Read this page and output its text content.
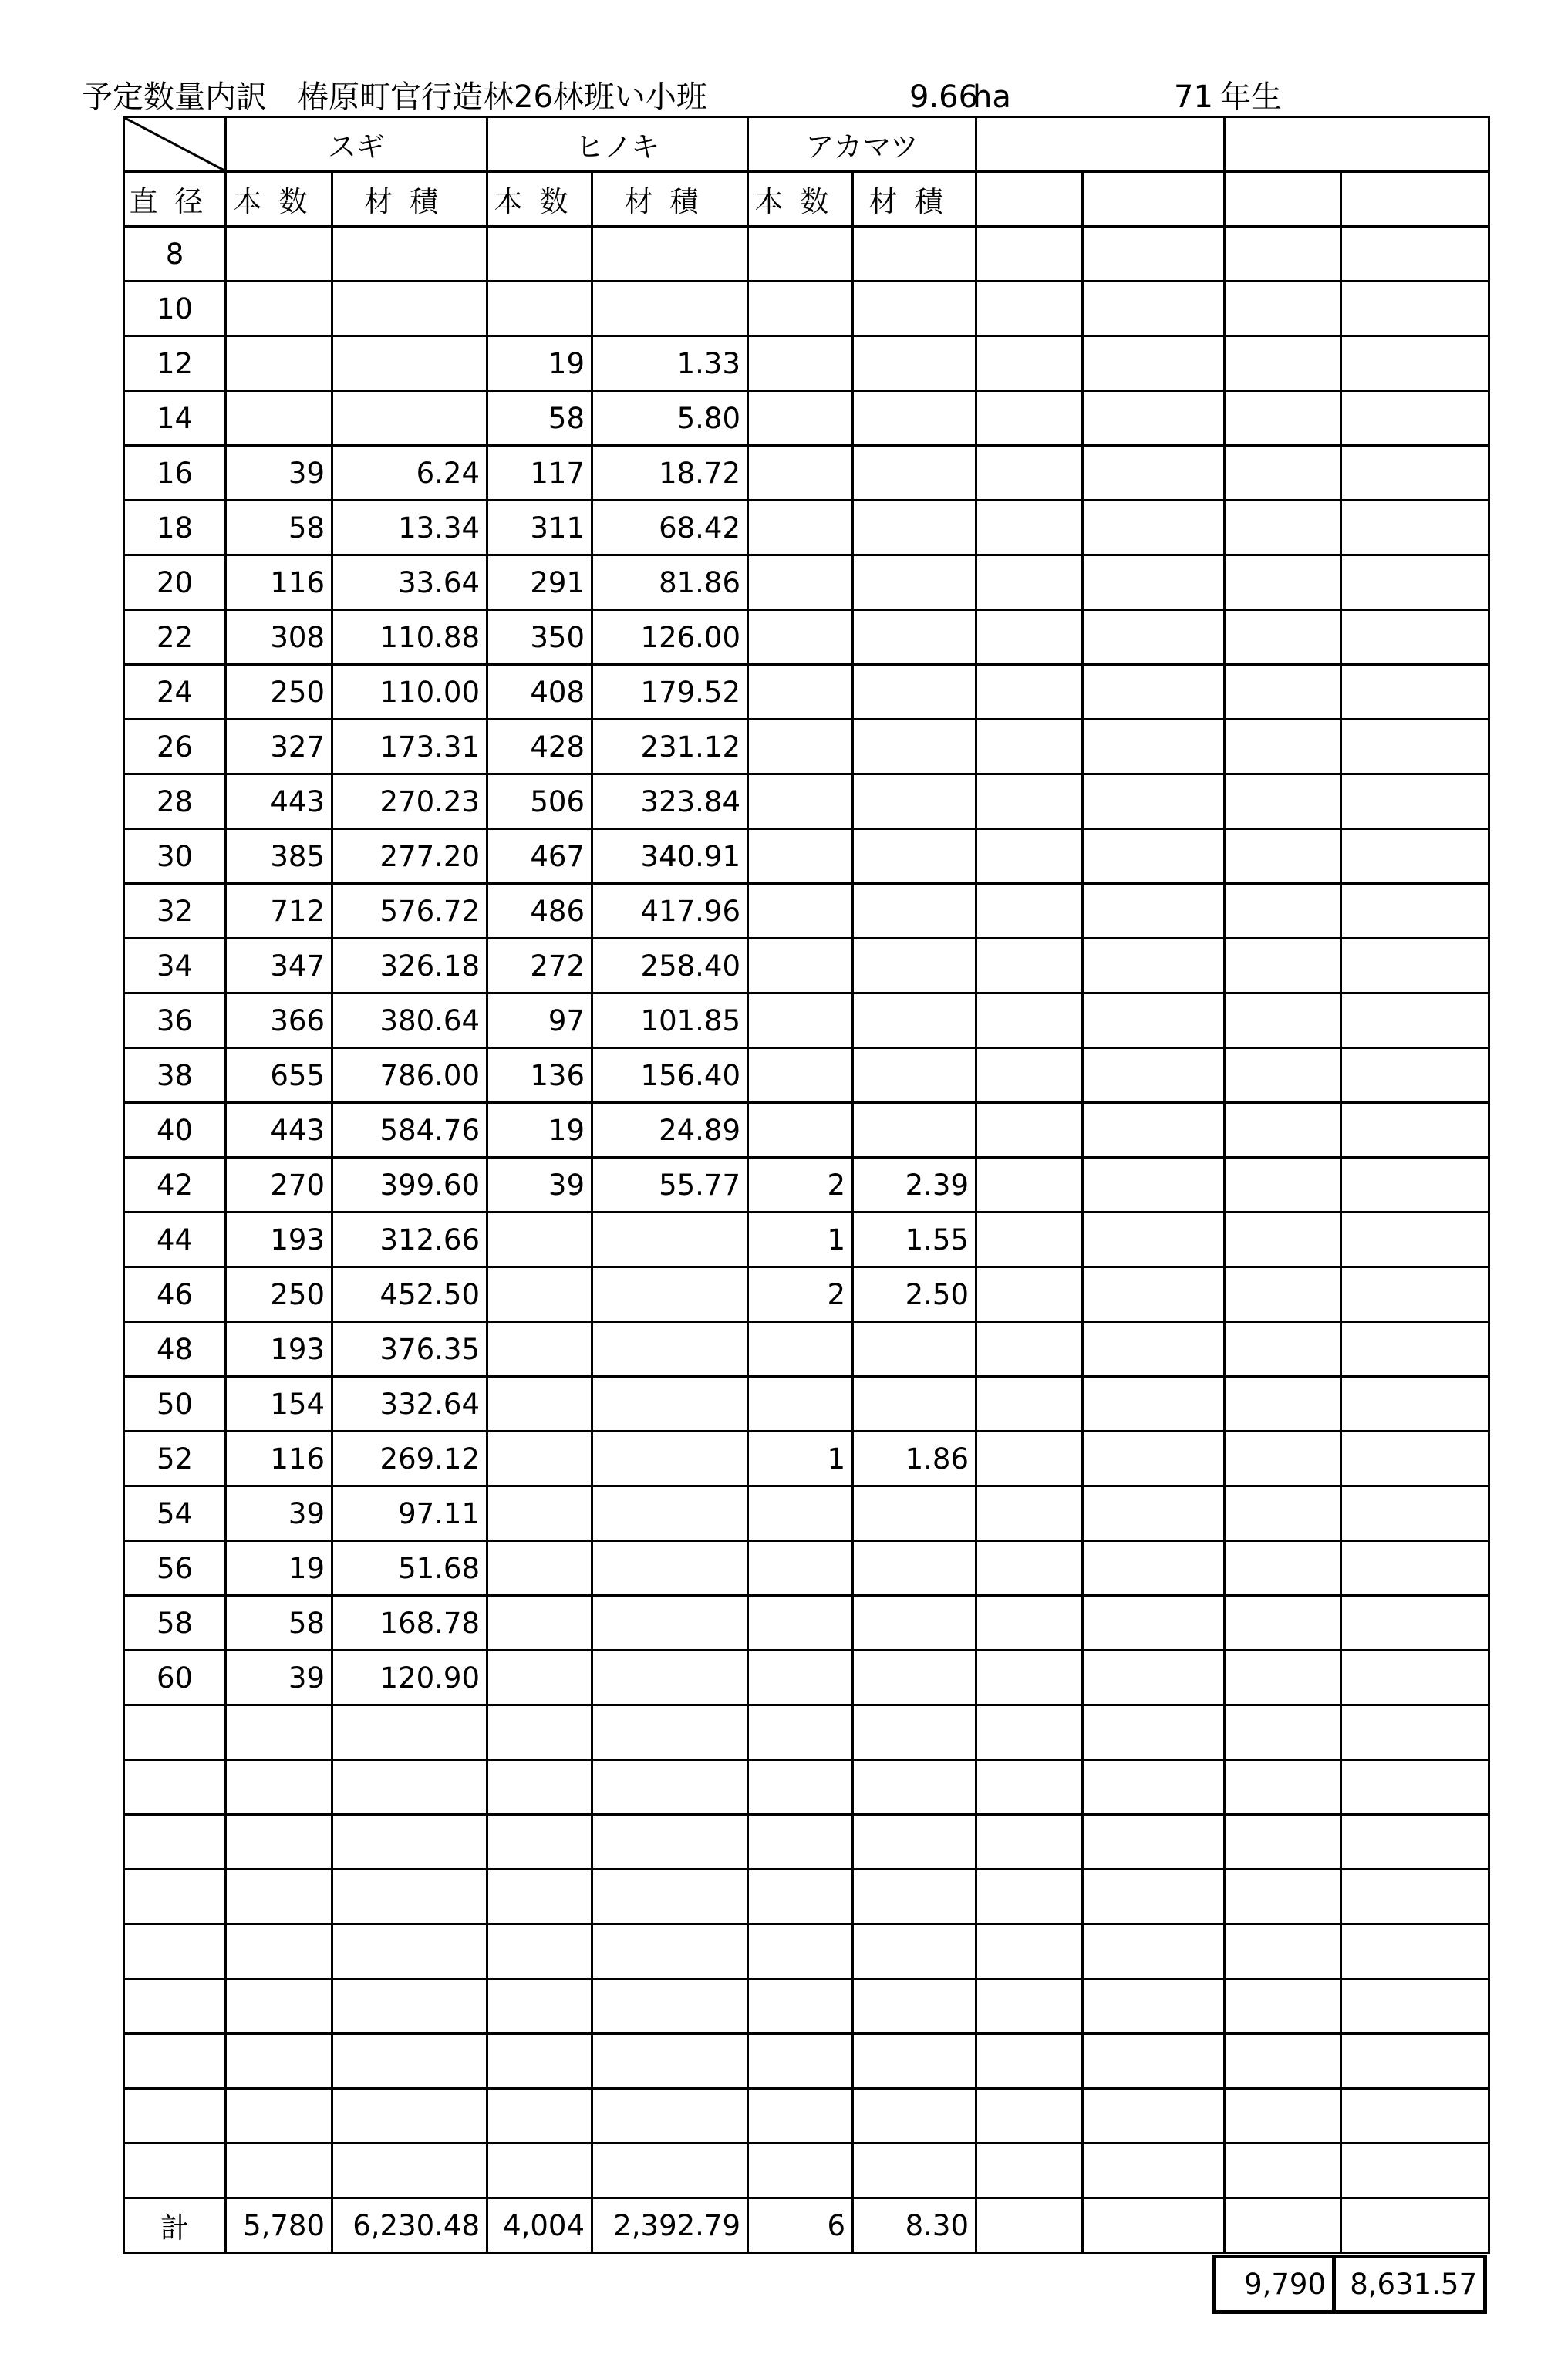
予定数量内訳　椿原町官行造林26林班い小班	9.66
ha	71 年生
	スギ		ヒノキ		アカマツ					
直径	本数	材積	本数	材積	本数	材積				
8										
10										
12			19	1.33						
14			58	5.80						
16	39	6.24	117	18.72						
18	58	13.34	311	68.42						
20	116	33.64	291	81.86						
22	308	110.88	350	126.00						
24	250	110.00	408	179.52						
26	327	173.31	428	231.12						
28	443	270.23	506	323.84						
30	385	277.20	467	340.91						
32	712	576.72	486	417.96						
34	347	326.18	272	258.40						
36	366	380.64	97	101.85						
38	655	786.00	136	156.40						
40	443	584.76	19	24.89						
42	270	399.60	39	55.77	2	2.39				
44	193	312.66			1	1.55				
46	250	452.50			2	2.50				
48	193	376.35								
50	154	332.64								
52	116	269.12			1	1.86				
54	39	97.11								
56	19	51.68								
58	58	168.78								
60	39	120.90								

計	5,780	6,230.48	4,004	2,392.79	6	8.30				
9,790	8,631.57
